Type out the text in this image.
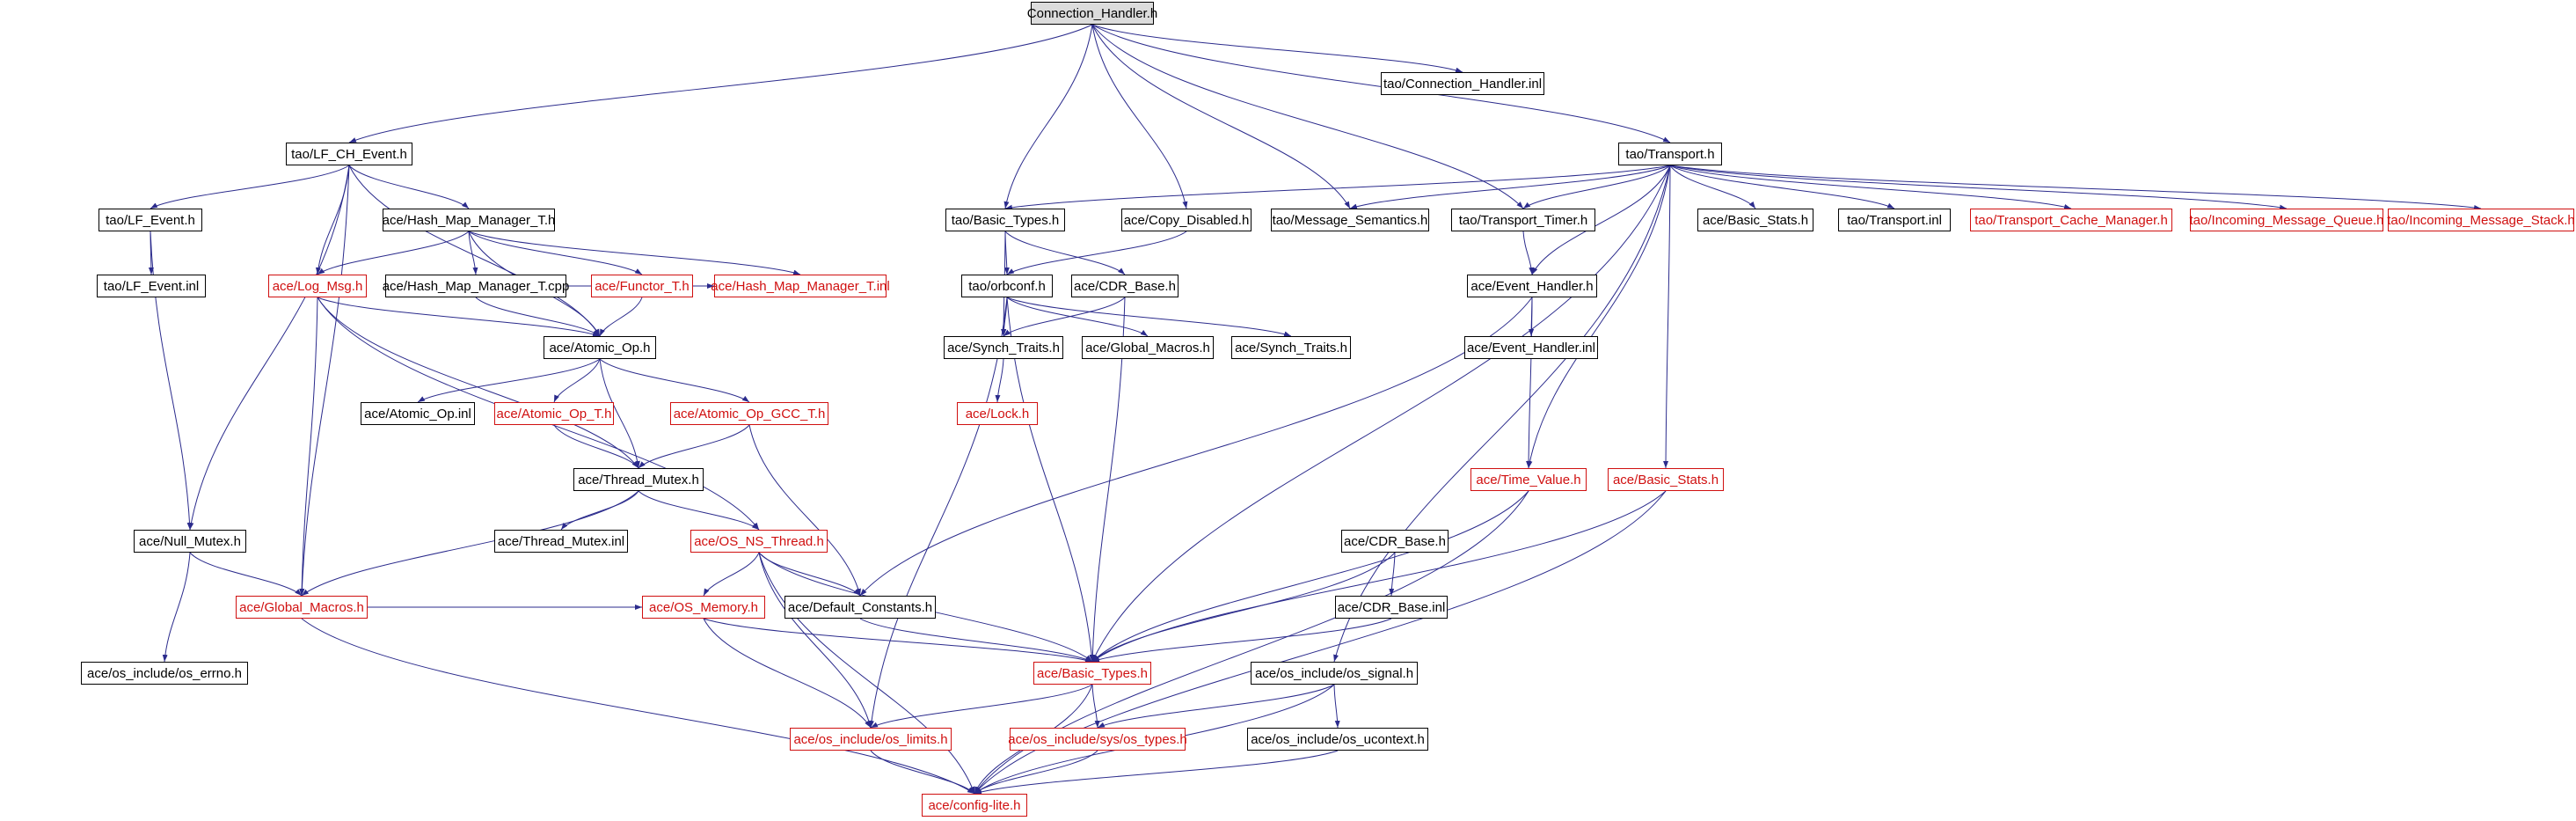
Connection_Handler.h
tao/Connection_Handler.inl
tao/LF_CH_Event.h	tao/Transport.h
tao/LF_Event.h	ace/Hash_Map_Manager_T.h	tao/Basic_Types.h	ace/Copy_Disabled.h tao/Message_Semantics.h	tao/Transport_Timer.h	ace/Basic_Stats.h	tao/Transport.inl	tao/Transport_Cache_Manager.h	tao/Incoming_Message_Queue.h tao/Incoming_Message_Stack.h
tao/LF_Event.inl	ace/Log_Msg.h	ace/Hash_Map_Manager_T.cpp ace/Functor_T.h ace/Hash_Map_Manager_T.inl	tao/orbconf.h	ace/CDR_Base.h	ace/Event_Handler.h
ace/Atomic_Op.h	ace/Synch_Traits.h ace/Global_Macros.h ace/Synch_Traits.h	ace/Event_Handler.inl
ace/Atomic_Op.inl ace/Atomic_Op_T.h	ace/Atomic_Op_GCC_T.h	ace/Lock.h
ace/Thread_Mutex.h	ace/Time_Value.h	ace/Basic_Stats.h
ace/Null_Mutex.h	ace/Thread_Mutex.inl	ace/OS_NS_Thread.h	ace/CDR_Base.h
ace/Global_Macros.h	ace/OS_Memory.h	ace/Default_Constants.h	ace/CDR_Base.inl
ace/os_include/os_errno.h	ace/Basic_Types.h	ace/os_include/os_signal.h
ace/os_include/os_limits.h	ace/os_include/sys/os_types.h	ace/os_include/os_ucontext.h
ace/config-lite.h
